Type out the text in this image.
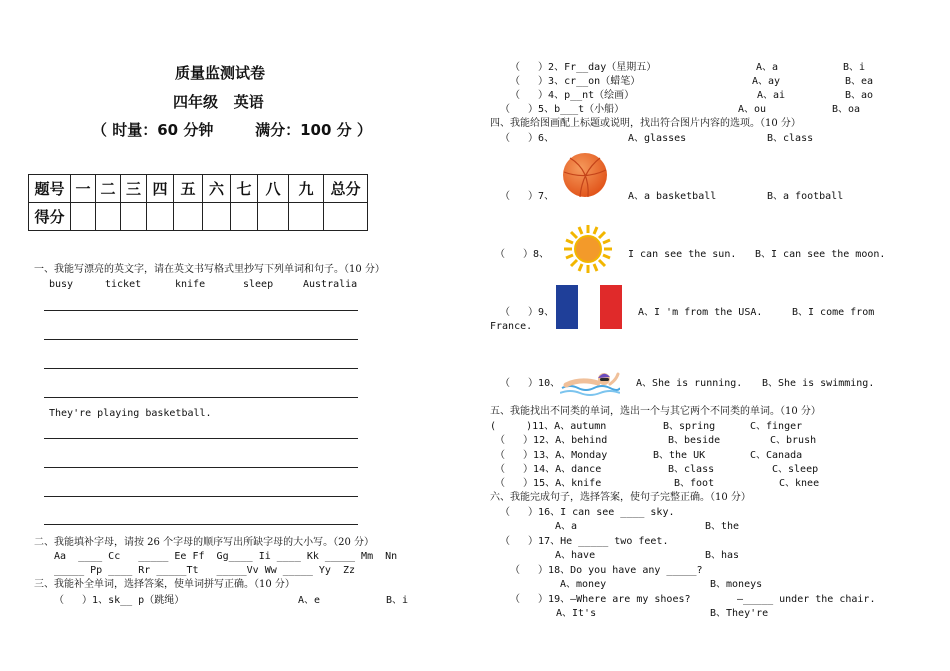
质量监测试卷
四年级   英语
（ 时量：60 分钟        满分：100 分 ）
题号	一	二	三	四	五	六	七	八	九	总分
得分										
一、我能写漂亮的英文字，请在英文书写格式里抄写下列单词和句子。（10 分）
busy	ticket	knife	sleep	Australia
They're playing basketball.
二、我能填补字母，请按 26 个字母的顺序写出所缺字母的大小写。（20 分）
Aa  ____ Cc   _____ Ee Ff  Gg____ Ii ____ Kk _____ Mm  Nn
_____ Pp ____ Rr _____Tt   _____Vv Ww _____ Yy  Zz
三、我能补全单词，选择答案，使单词拼写正确。（10 分）
（   ）1、sk__ p（跳绳）	A、e	B、i
（   ）2、Fr__day（星期五）	A、a	B、i
（   ）3、cr__on（蜡笔）	A、ay	B、ea
（   ）4、p__nt（绘画）	A、ai	B、ao
（   ）5、b___t（小船）	A、ou	B、oa
四、我能给图画配上标题或说明，找出符合图片内容的选项。（10 分）
（   ）6、	A、glasses	B、class
（   ）7、	A、a basketball	B、a football
（   ）8、	I can see the sun. B、I can see the moon.
（   ）9、	A、I 'm from the USA.	B、I come from
France.
（   ）10、	A、She is running. B、She is swimming.
五、我能找出不同类的单词，选出一个与其它两个不同类的单词。（10 分）
(     )11、A、autumn	B、spring	C、finger
（   ）12、A、behind	B、beside	C、brush
（   ）13、A、Monday	B、the UK	C、Canada
（   ）14、A、dance	B、class	C、sleep
（   ）15、A、knife	B、foot	C、knee
六、我能完成句子，选择答案，使句子完整正确。（10 分）
（   ）16、I can see ____ sky.
A、a	B、the
（   ）17、He _____ two feet.
A、have	B、has
（   ）18、Do you have any _____?
A、money	B、moneys
（   ）19、—Where are my shoes?	—_____ under the chair.
A、It's	B、They're
